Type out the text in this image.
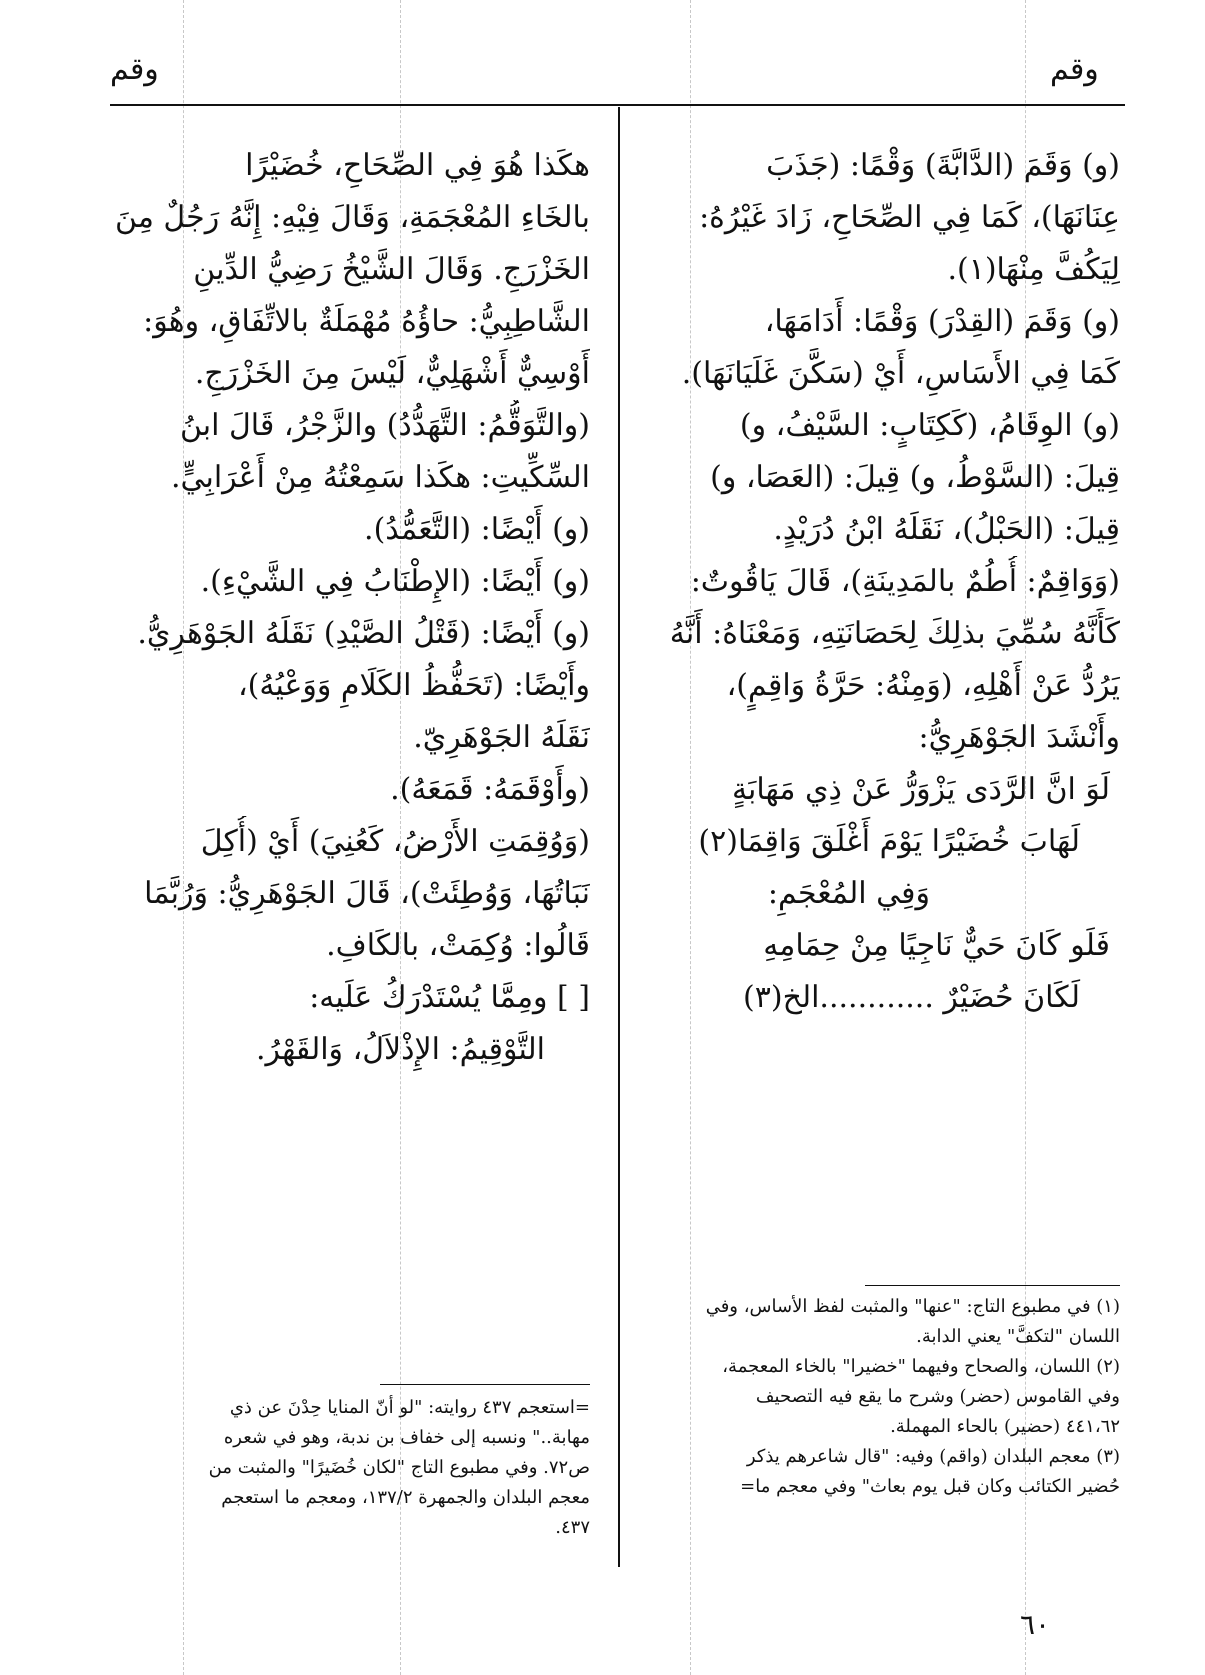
وقم
وقم
(و) وَقَمَ (الدَّابَّةَ) وَقْمًا: (جَذَبَ
عِنَانَهَا)، كَمَا فِي الصِّحَاحِ، زَادَ غَيْرُهُ:
لِيَكُفَّ مِنْهَا(١).
(و) وَقَمَ (القِدْرَ) وَقْمًا: أَدَامَهَا،
كَمَا فِي الأَسَاسِ، أَيْ (سَكَّنَ غَلَيَانَهَا).
(و) الوِقَامُ، (كَكِتَابٍ: السَّيْفُ، و)
قِيلَ: (السَّوْطُ، و) قِيلَ: (العَصَا، و)
قِيلَ: (الحَبْلُ)، نَقَلَهُ ابْنُ دُرَيْدٍ.
(وَوَاقِمٌ: أُطُمٌ بالمَدِينَةِ)، قَالَ يَاقُوتٌ:
كَأَنَّهُ سُمِّيَ بذلِكَ لِحَصَانَتِهِ، وَمَعْنَاهُ: أَنَّهُ
يَرُدُّ عَنْ أَهْلِهِ، (وَمِنْهُ: حَرَّةُ وَاقِمٍ)،
وأَنْشَدَ الجَوْهَرِيُّ:
لَوَ انَّ الرَّدَى يَزْوَرُّ عَنْ ذِي مَهَابَةٍ
لَهَابَ خُضَيْرًا يَوْمَ أَغْلَقَ وَاقِمَا(٢)
وَفِي المُعْجَمِ:
فَلَو كَانَ حَيٌّ نَاجِيًا مِنْ حِمَامِهِ
لَكَانَ حُضَيْرٌ ............الخ(٣)
هكَذا هُوَ فِي الصِّحَاحِ، خُضَيْرًا
بالخَاءِ المُعْجَمَةِ، وَقَالَ فِيْهِ: إِنَّهُ رَجُلٌ مِنَ
الخَزْرَجِ. وَقَالَ الشَّيْخُ رَضِيُّ الدِّينِ
الشَّاطِبِيُّ: حاؤُهُ مُهْمَلَةٌ بالاتِّفَاقِ، وهُوَ:
أَوْسِيٌّ أَشْهَلِيٌّ، لَيْسَ مِنَ الخَزْرَجِ.
(والتَّوَقُّمُ: التَّهَدُّدُ) والزَّجْرُ، قَالَ ابنُ
السِّكِّيتِ: هكَذا سَمِعْتُهُ مِنْ أَعْرَابِيٍّ.
(و) أَيْضًا: (التَّعَمُّدُ).
(و) أَيْضًا: (الإِطْنَابُ فِي الشَّيْءِ).
(و) أَيْضًا: (قَتْلُ الصَّيْدِ) نَقَلَهُ الجَوْهَرِيُّ.
وأَيْضًا: (تَحَفُّظُ الكَلَامِ وَوَعْيُهُ)،
نَقَلَهُ الجَوْهَرِيّ.
(وأَوْقَمَهُ: قَمَعَهُ).
(وَوُقِمَتِ الأَرْضُ، كَعُنِيَ) أَيْ (أُكِلَ
نَبَاتُهَا، وَوُطِئَتْ)، قَالَ الجَوْهَرِيُّ: وَرُبَّمَا
قَالُوا: وُكِمَتْ، بالكَافِ.
[ ] ومِمَّا يُسْتَدْرَكُ عَلَيه:
التَّوْقِيمُ: الإِذْلاَلُ، وَالقَهْرُ.
(١) في مطبوع التاج: "عنها" والمثبت لفظ الأساس، وفي
اللسان "لتكفَّ" يعني الدابة.
(٢) اللسان، والصحاح وفيهما "خضيرا" بالخاء المعجمة،
وفي القاموس (حضر) وشرح ما يقع فيه التصحيف
٤٤١،٦٢ (حضير) بالحاء المهملة.
(٣) معجم البلدان (واقم) وفيه: "قال شاعرهم يذكر
حُضير الكتائب وكان قبل يوم بعاث" وفي معجم ما=
=استعجم ٤٣٧ روايته: "لو أنّ المنايا حِدْنَ عن ذي
مهابة.." ونسبه إلى خفاف بن ندبة، وهو في شعره
ص٧٢. وفي مطبوع التاج "لكان خُضَيرًا" والمثبت من
معجم البلدان والجمهرة ١٣٧/٢، ومعجم ما استعجم
٤٣٧.
٦٠
